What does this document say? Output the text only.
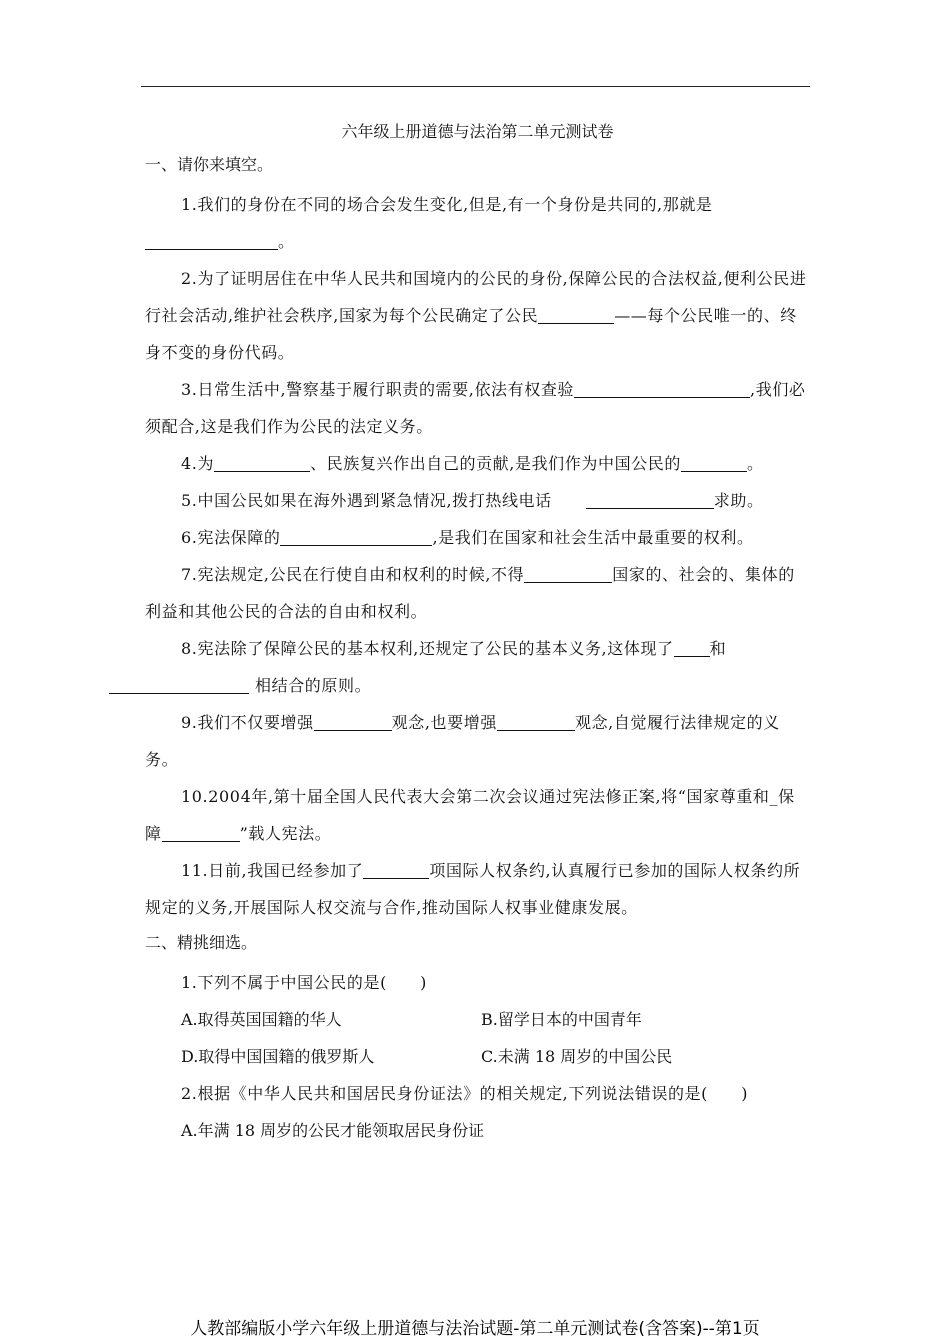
六年级上册道德与法治第二单元测试卷
一、请你来填空。

1.我们的身份在不同的场合会发生变化,但是,有一个身份是共同的,那就是

。

2.为了证明居住在中华人民共和国境内的公民的身份,保障公民的合法权益,便利公民进行社会活动,维护社会秩序,国家为每个公民确定了公民	——每个公民唯一的、终身不变的身份代码。

3.日常生活中,警察基于履行职责的需要,依法有权查验	,我们必须配合,这是我们作为公民的法定义务。

4.为	、民族复兴作出自己的贡献,是我们作为中国公民的	。

5.中国公民如果在海外遇到紧急情况,拨打热线电话	求助。

6.宪法保障的	,是我们在国家和社会生活中最重要的权利。

7.宪法规定,公民在行使自由和权利的时候,不得	国家的、社会的、集体的利益和其他公民的合法的自由和权利。

8.宪法除了保障公民的基本权利,还规定了公民的基本义务,这体现了 和
相结合的原则。

9.我们不仅要增强	观念,也要增强	观念,自觉履行法律规定的义务。

10.2004年,第十届全国人民代表大会第二次会议通过宪法修正案,将“国家尊重和_保障	”载人宪法。

11.日前,我国已经参加了	项国际人权条约,认真履行已参加的国际人权条约所规定的义务,开展国际人权交流与合作,推动国际人权事业健康发展。

二、精挑细选。

1.下列不属于中国公民的是(　　)

A.取得英国国籍的华人	B.留学日本的中国青年
D.取得中国国籍的俄罗斯人	C.未满 18 周岁的中国公民

2.根据《中华人民共和国居民身份证法》的相关规定,下列说法错误的是(　　)

A.年满 18 周岁的公民才能领取居民身份证
人教部编版小学六年级上册道德与法治试题-第二单元测试卷(含答案)--第1页
